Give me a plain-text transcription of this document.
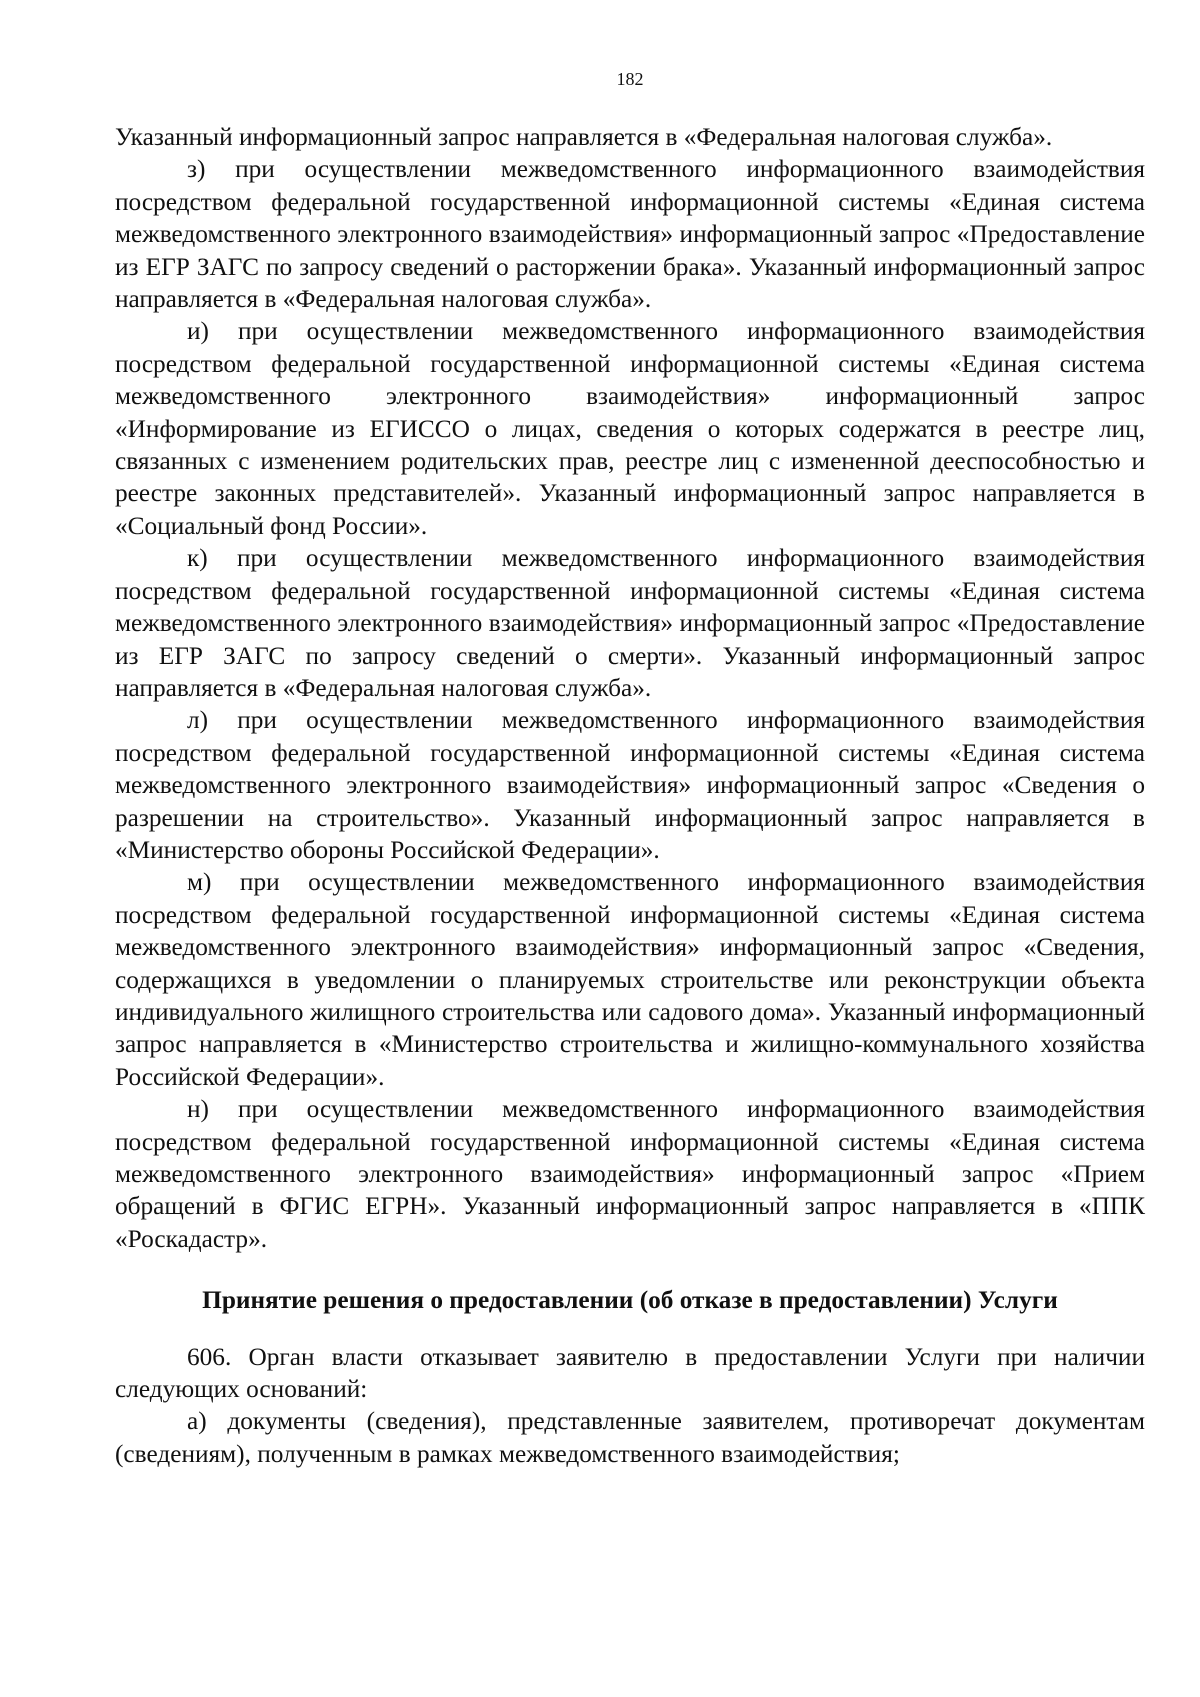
182

Указанный информационный запрос направляется в «Федеральная налоговая служба».

з) при осуществлении межведомственного информационного взаимодействия посредством федеральной государственной информационной системы «Единая система межведомственного электронного взаимодействия» информационный запрос «Предоставление из ЕГР ЗАГС по запросу сведений о расторжении брака». Указанный информационный запрос направляется в «Федеральная налоговая служба».

и) при осуществлении межведомственного информационного взаимодействия посредством федеральной государственной информационной системы «Единая система межведомственного электронного взаимодействия» информационный запрос «Информирование из ЕГИССО о лицах, сведения о которых содержатся в реестре лиц, связанных с изменением родительских прав, реестре лиц с измененной дееспособностью и реестре законных представителей». Указанный информационный запрос направляется в «Социальный фонд России».

к) при осуществлении межведомственного информационного взаимодействия посредством федеральной государственной информационной системы «Единая система межведомственного электронного взаимодействия» информационный запрос «Предоставление из ЕГР ЗАГС по запросу сведений о смерти». Указанный информационный запрос направляется в «Федеральная налоговая служба».

л) при осуществлении межведомственного информационного взаимодействия посредством федеральной государственной информационной системы «Единая система межведомственного электронного взаимодействия» информационный запрос «Сведения о разрешении на строительство». Указанный информационный запрос направляется в «Министерство обороны Российской Федерации».

м) при осуществлении межведомственного информационного взаимодействия посредством федеральной государственной информационной системы «Единая система межведомственного электронного взаимодействия» информационный запрос «Сведения, содержащихся в уведомлении о планируемых строительстве или реконструкции объекта индивидуального жилищного строительства или садового дома». Указанный информационный запрос направляется в «Министерство строительства и жилищно-коммунального хозяйства Российской Федерации».

н) при осуществлении межведомственного информационного взаимодействия посредством федеральной государственной информационной системы «Единая система межведомственного электронного взаимодействия» информационный запрос «Прием обращений в ФГИС ЕГРН». Указанный информационный запрос направляется в «ППК «Роскадастр».

Принятие решения о предоставлении (об отказе в предоставлении) Услуги

606. Орган власти отказывает заявителю в предоставлении Услуги при наличии следующих оснований:

а) документы (сведения), представленные заявителем, противоречат документам (сведениям), полученным в рамках межведомственного взаимодействия;
